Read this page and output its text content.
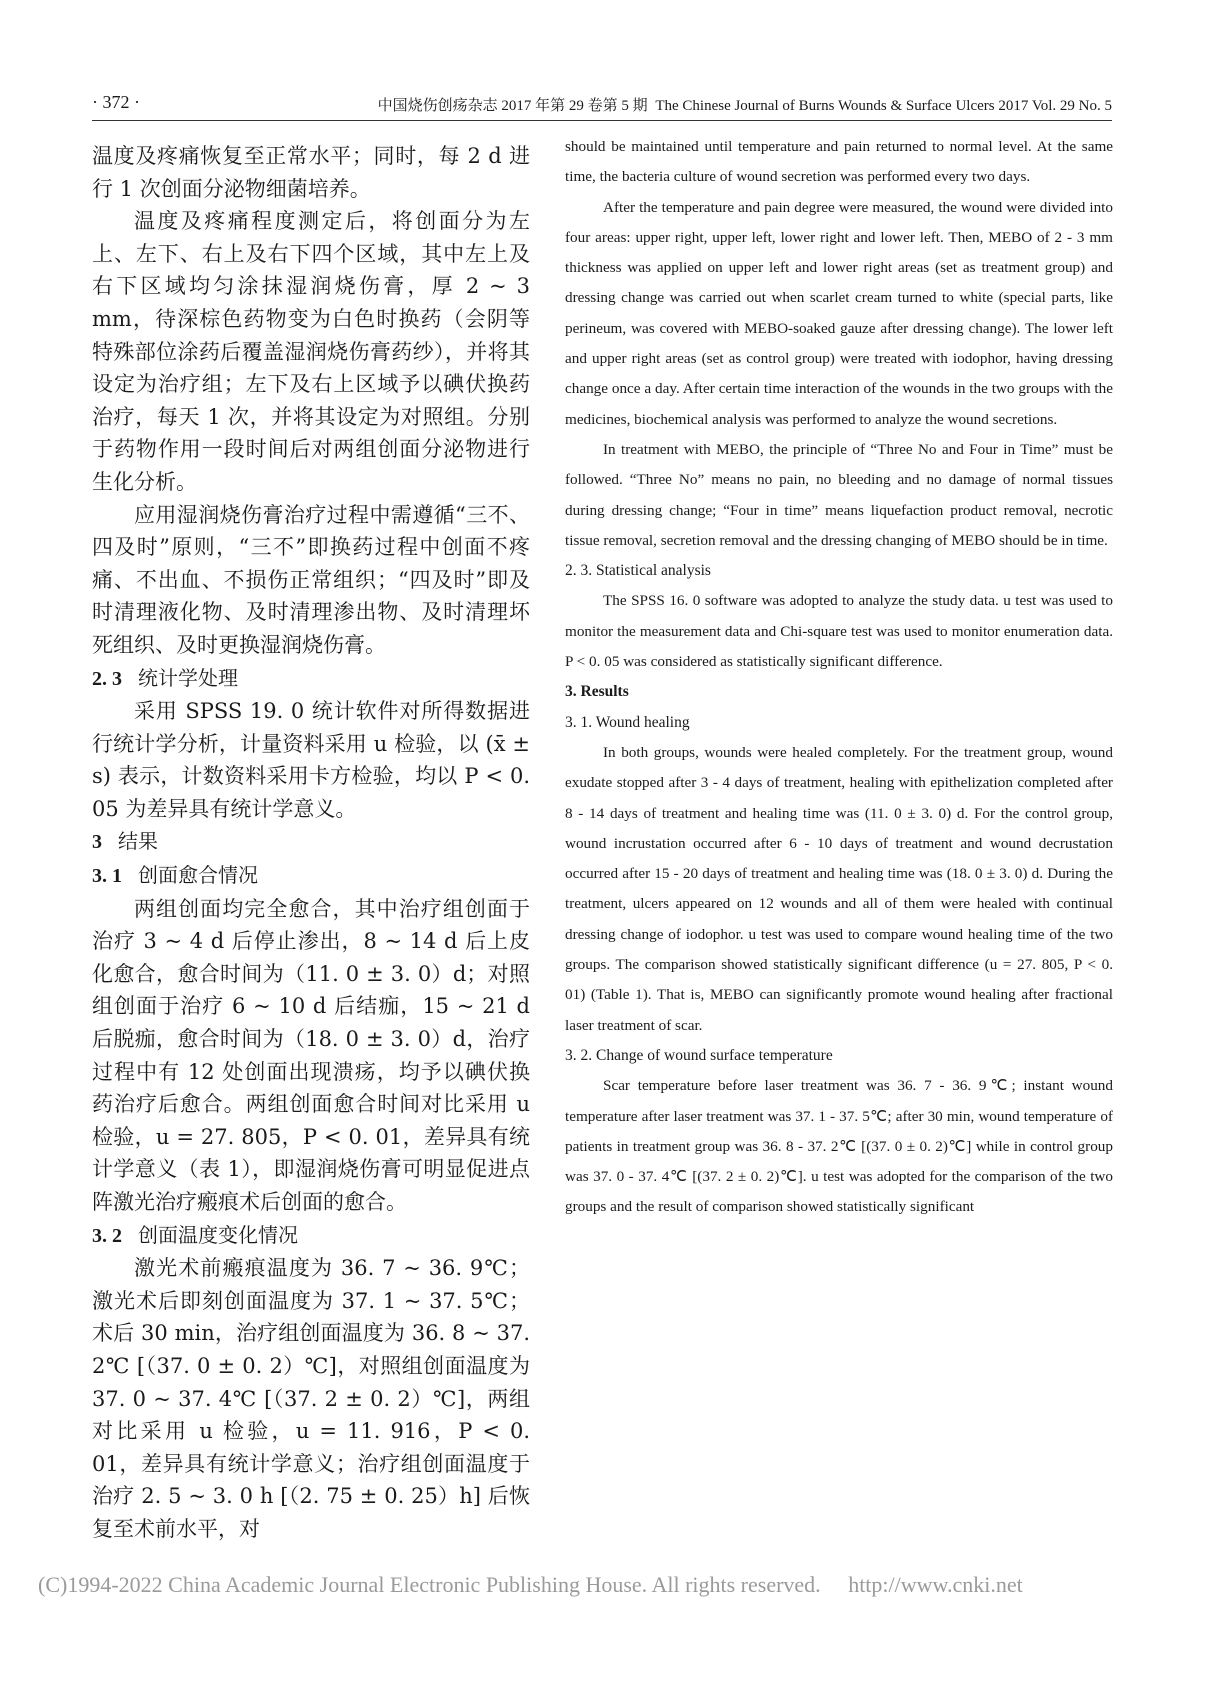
· 372 ·	中国烧伤创疡杂志 2017 年第 29 卷第 5 期 The Chinese Journal of Burns Wounds & Surface Ulcers 2017 Vol. 29 No. 5

温度及疼痛恢复至正常水平；同时，每 2 d 进行 1 次创面分泌物细菌培养。

温度及疼痛程度测定后，将创面分为左上、左下、右上及右下四个区域，其中左上及右下区域均匀涂抹湿润烧伤膏，厚 2 ~ 3 mm，待深棕色药物变为白色时换药（会阴等特殊部位涂药后覆盖湿润烧伤膏药纱），并将其设定为治疗组；左下及右上区域予以碘伏换药治疗，每天 1 次，并将其设定为对照组。分别于药物作用一段时间后对两组创面分泌物进行生化分析。

应用湿润烧伤膏治疗过程中需遵循“三不、四及时”原则，“三不”即换药过程中创面不疼痛、不出血、不损伤正常组织；“四及时”即及时清理液化物、及时清理渗出物、及时清理坏死组织、及时更换湿润烧伤膏。

2. 3 统计学处理

采用 SPSS 19. 0 统计软件对所得数据进行统计学分析，计量资料采用 u 检验，以 (x̄ ± s) 表示，计数资料采用卡方检验，均以 P < 0. 05 为差异具有统计学意义。

3 结果
3. 1 创面愈合情况

两组创面均完全愈合，其中治疗组创面于治疗 3 ~ 4 d 后停止渗出，8 ~ 14 d 后上皮化愈合，愈合时间为（11. 0 ± 3. 0）d；对照组创面于治疗 6 ~ 10 d 后结痂，15 ~ 21 d 后脱痂，愈合时间为（18. 0 ± 3. 0）d，治疗过程中有 12 处创面出现溃疡，均予以碘伏换药治疗后愈合。两组创面愈合时间对比采用 u 检验，u = 27. 805，P < 0. 01，差异具有统计学意义（表 1），即湿润烧伤膏可明显促进点阵激光治疗瘢痕术后创面的愈合。

3. 2 创面温度变化情况

激光术前瘢痕温度为 36. 7 ~ 36. 9℃；激光术后即刻创面温度为 37. 1 ~ 37. 5℃；术后 30 min，治疗组创面温度为 36. 8 ~ 37. 2℃ [（37. 0 ± 0. 2）℃]，对照组创面温度为 37. 0 ~ 37. 4℃ [（37. 2 ± 0. 2）℃]，两组对比采用 u 检验，u = 11. 916，P < 0. 01，差异具有统计学意义；治疗组创面温度于治疗 2. 5 ~ 3. 0 h [（2. 75 ± 0. 25）h] 后恢复至术前水平，对

should be maintained until temperature and pain returned to normal level. At the same time, the bacteria culture of wound secretion was performed every two days.

After the temperature and pain degree were measured, the wound were divided into four areas: upper right, upper left, lower right and lower left. Then, MEBO of 2 - 3 mm thickness was applied on upper left and lower right areas (set as treatment group) and dressing change was carried out when scarlet cream turned to white (special parts, like perineum, was covered with MEBO-soaked gauze after dressing change). The lower left and upper right areas (set as control group) were treated with iodophor, having dressing change once a day. After certain time interaction of the wounds in the two groups with the medicines, biochemical analysis was performed to analyze the wound secretions.

In treatment with MEBO, the principle of “Three No and Four in Time” must be followed. “Three No” means no pain, no bleeding and no damage of normal tissues during dressing change; “Four in time” means liquefaction product removal, necrotic tissue removal, secretion removal and the dressing changing of MEBO should be in time.

2. 3. Statistical analysis

The SPSS 16. 0 software was adopted to analyze the study data. u test was used to monitor the measurement data and Chi-square test was used to monitor enumeration data. P < 0. 05 was considered as statistically significant difference.

3. Results
3. 1. Wound healing

In both groups, wounds were healed completely. For the treatment group, wound exudate stopped after 3 - 4 days of treatment, healing with epithelization completed after 8 - 14 days of treatment and healing time was (11. 0 ± 3. 0) d. For the control group, wound incrustation occurred after 6 - 10 days of treatment and wound decrustation occurred after 15 - 20 days of treatment and healing time was (18. 0 ± 3. 0) d. During the treatment, ulcers appeared on 12 wounds and all of them were healed with continual dressing change of iodophor. u test was used to compare wound healing time of the two groups. The comparison showed statistically significant difference (u = 27. 805, P < 0. 01) (Table 1). That is, MEBO can significantly promote wound healing after fractional laser treatment of scar.

3. 2. Change of wound surface temperature

Scar temperature before laser treatment was 36. 7 - 36. 9℃; instant wound temperature after laser treatment was 37. 1 - 37. 5℃; after 30 min, wound temperature of patients in treatment group was 36. 8 - 37. 2℃ [(37. 0 ± 0. 2)℃] while in control group was 37. 0 - 37. 4℃ [(37. 2 ± 0. 2)℃]. u test was adopted for the comparison of the two groups and the result of comparison showed statistically significant

(C)1994-2022 China Academic Journal Electronic Publishing House. All rights reserved. http://www.cnki.net
